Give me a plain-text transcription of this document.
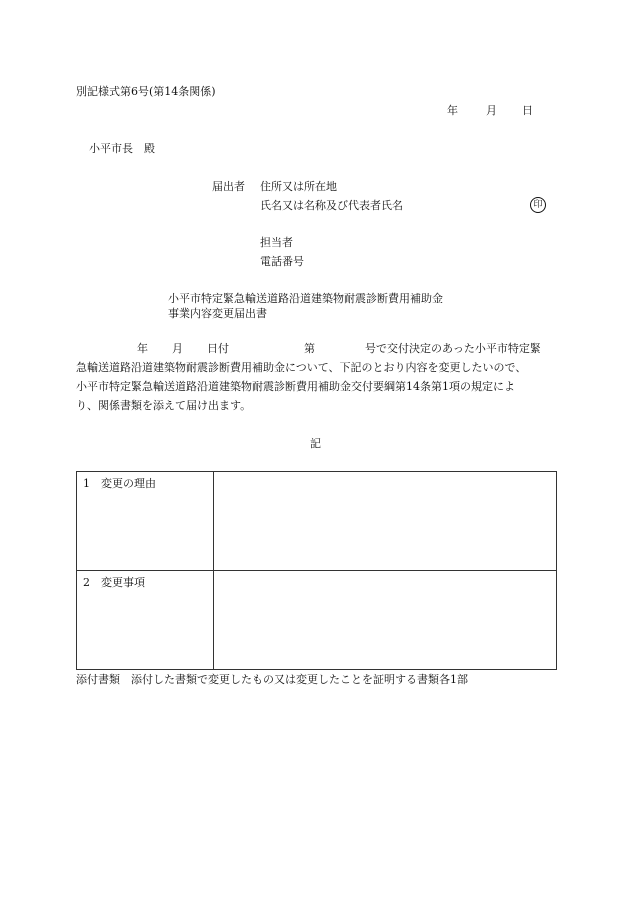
別記様式第6号(第14条関係)
年	月 日
小平市長　殿
届出者 住所又は所在地
氏名又は名称及び代表者氏名	印
担当者
電話番号
小平市特定緊急輸送道路沿道建築物耐震診断費用補助金
事業内容変更届出書
年 月 日付	第	号で交付決定のあった小平市特定緊
急輸送道路沿道建築物耐震診断費用補助金について、下記のとおり内容を変更したいので、
小平市特定緊急輸送道路沿道建築物耐震診断費用補助金交付要綱第14条第1項の規定によ
り、関係書類を添えて届け出ます。
記
1　変更の理由	
2　変更事項	
添付書類　 添付した書類で変更したもの又は変更したことを証明する書類各1部
